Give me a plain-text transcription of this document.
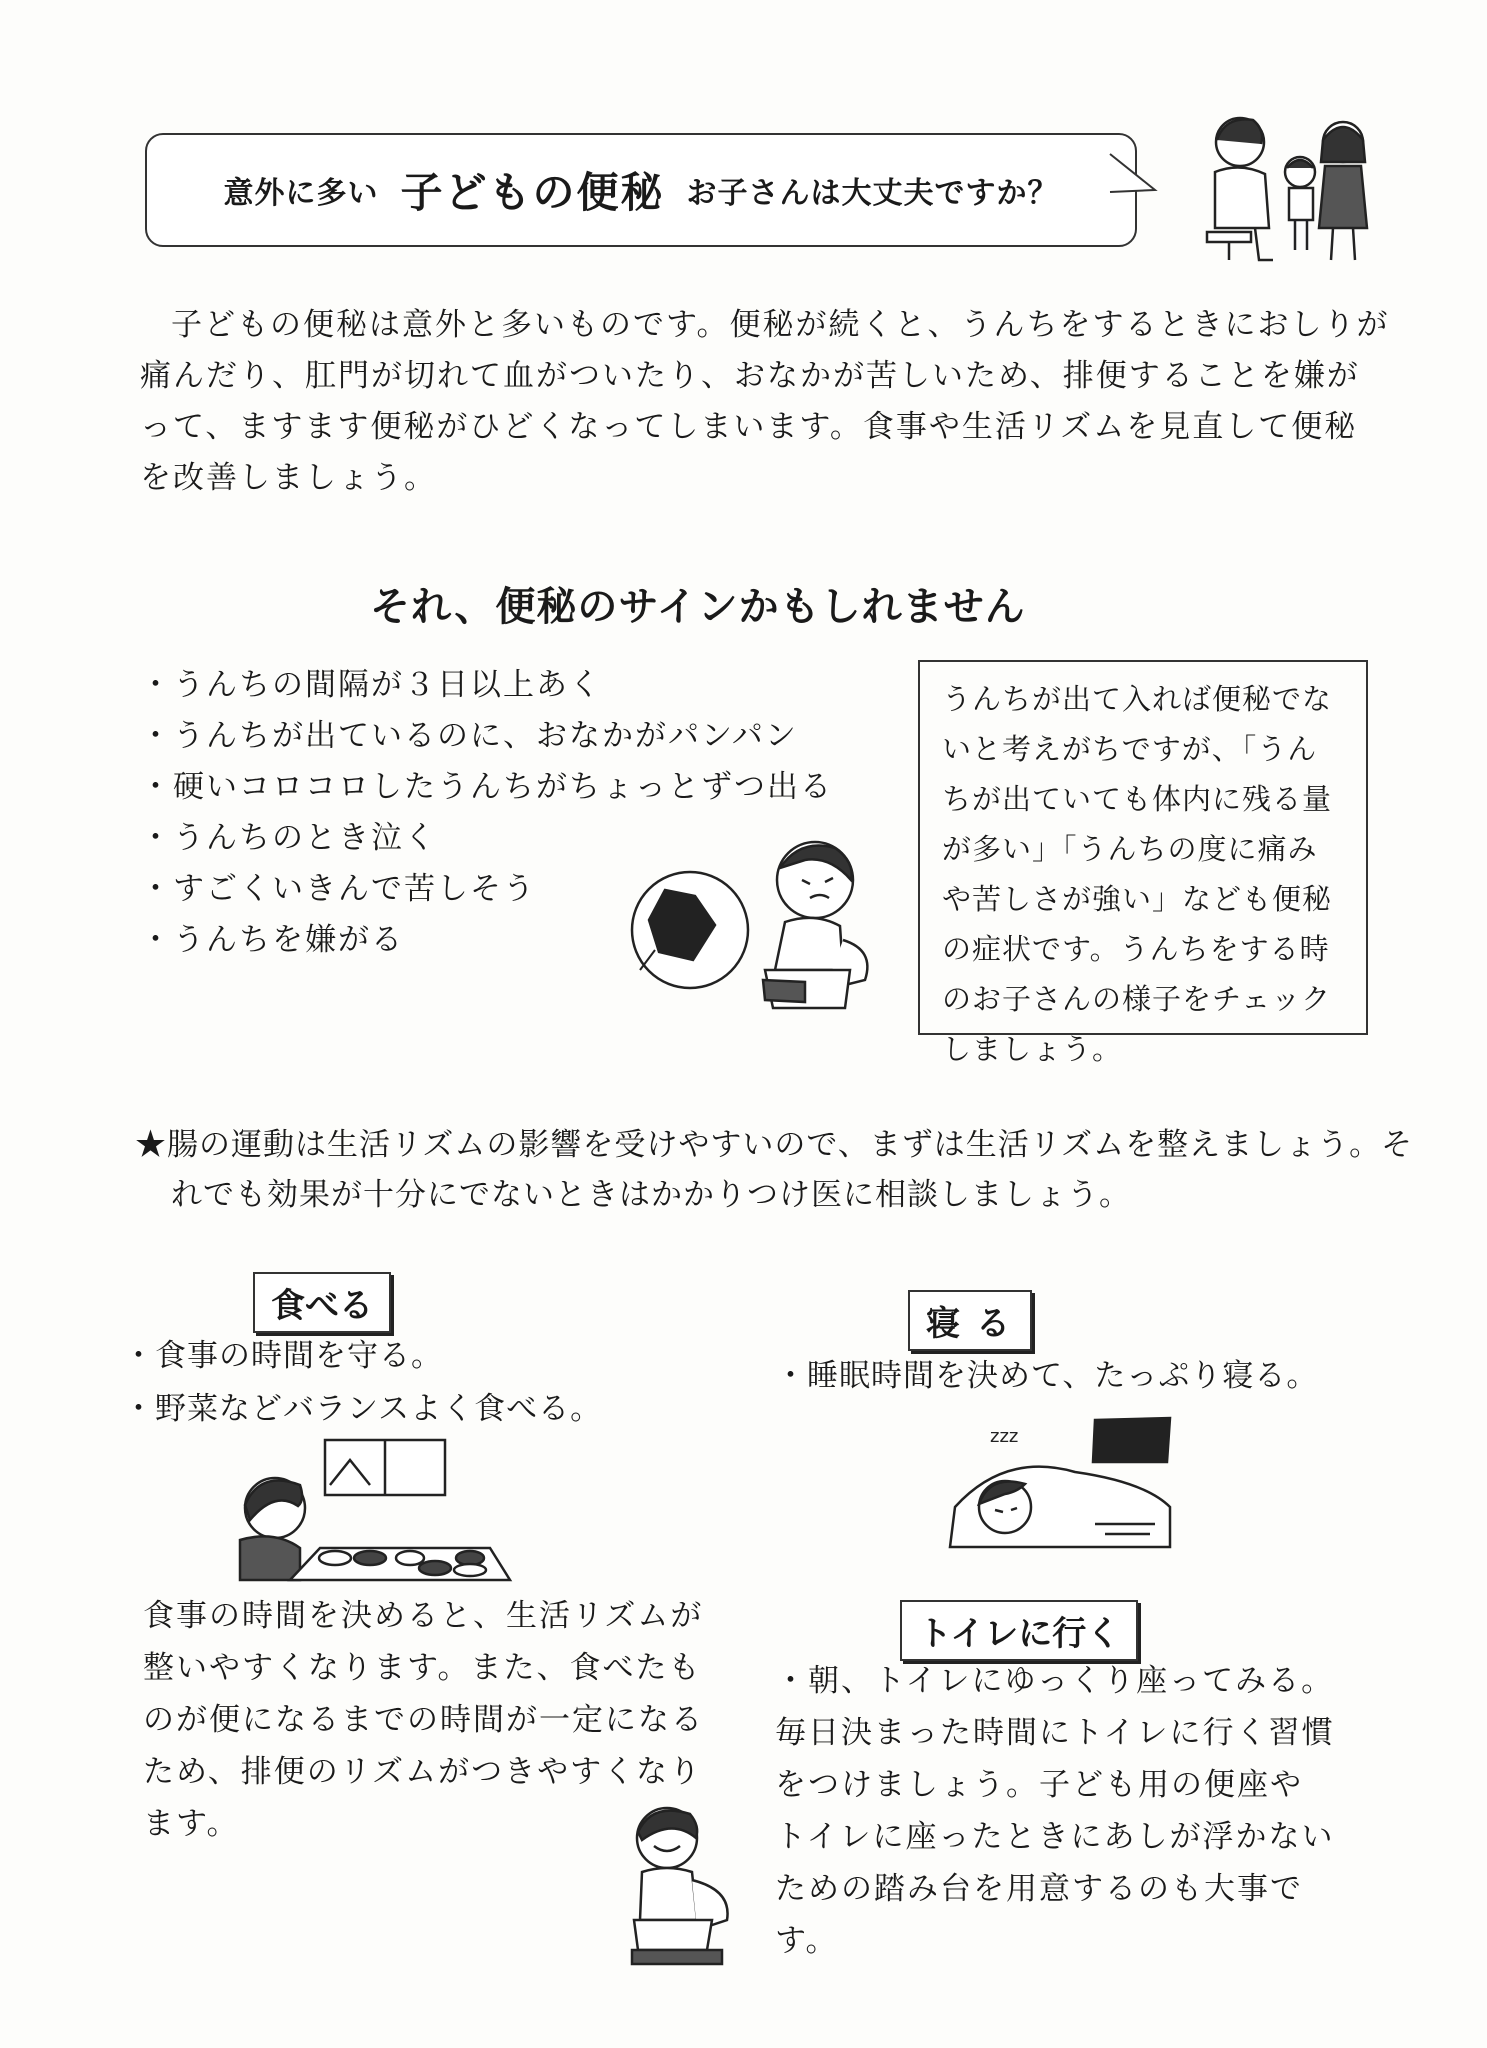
意外に多い 子どもの便秘 お子さんは大丈夫ですか？

子どもの便秘は意外と多いものです。便秘が続くと、うんちをするときにおしりが痛んだり、肛門が切れて血がついたり、おなかが苦しいため、排便することを嫌がって、ますます便秘がひどくなってしまいます。食事や生活リズムを見直して便秘を改善しましょう。

それ、便秘のサインかもしれません
・うんちの間隔が３日以上あく
・うんちが出ているのに、おなかがパンパン
・硬いコロコロしたうんちがちょっとずつ出る
・うんちのとき泣く
・すごくいきんで苦しそう
・うんちを嫌がる
うんちが出て入れば便秘でないと考えがちですが、「うんちが出ていても体内に残る量が多い」「うんちの度に痛みや苦しさが強い」なども便秘の症状です。うんちをする時のお子さんの様子をチェックしましょう。

★腸の運動は生活リズムの影響を受けやすいので、まずは生活リズムを整えましょう。それでも効果が十分にでないときはかかりつけ医に相談しましょう。

食べる
・食事の時間を守る。
・野菜などバランスよく食べる。

食事の時間を決めると、生活リズムが整いやすくなります。また、食べたものが便になるまでの時間が一定になるため、排便のリズムがつきやすくなります。

寝る
・睡眠時間を決めて、たっぷり寝る。
zzz
トイレに行く

・朝、トイレにゆっくり座ってみる。毎日決まった時間にトイレに行く習慣をつけましょう。子ども用の便座やトイレに座ったときにあしが浮かないための踏み台を用意するのも大事です。
